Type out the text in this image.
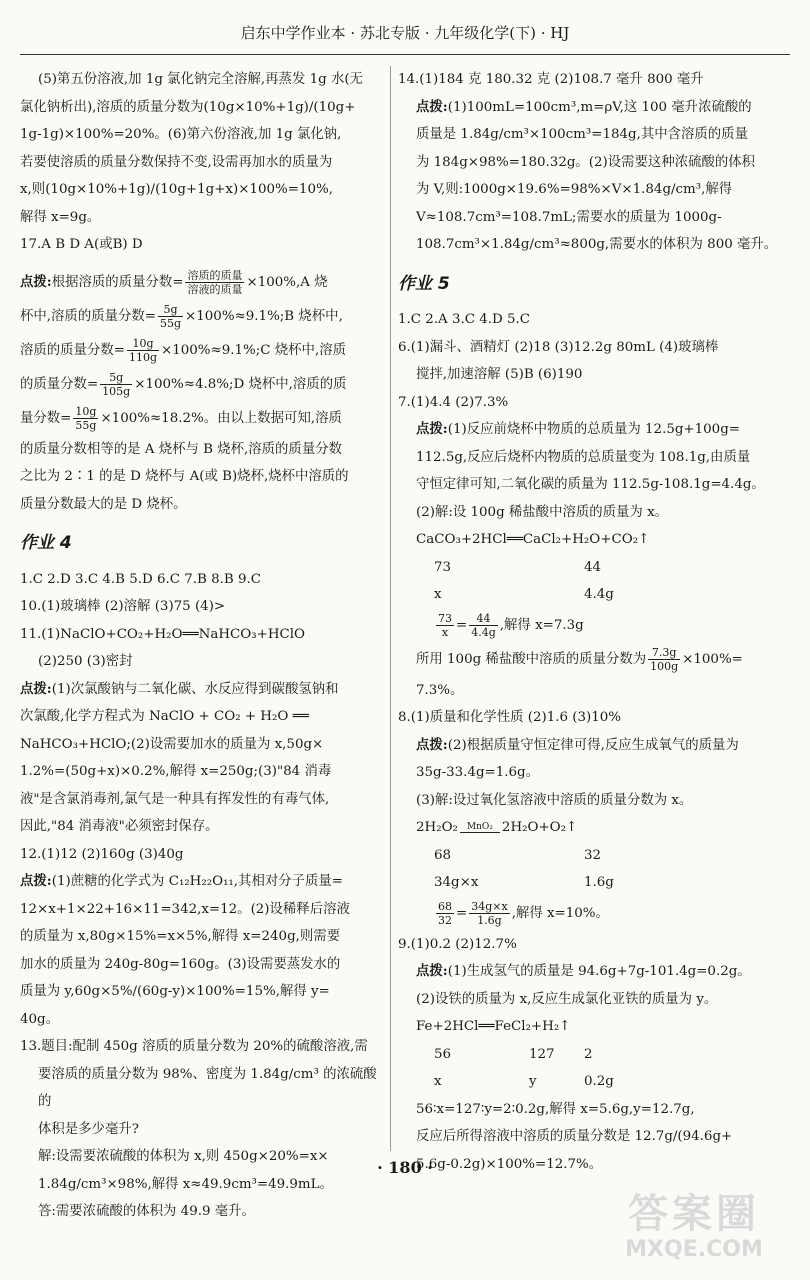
启东中学作业本 · 苏北专版 · 九年级化学(下) · HJ

(5)第五份溶液,加 1g 氯化钠完全溶解,再蒸发 1g 水(无

氯化钠析出),溶质的质量分数为(10g×10%+1g)/(10g+

1g-1g)×100%=20%。(6)第六份溶液,加 1g 氯化钠,

若要使溶质的质量分数保持不变,设需再加水的质量为

x,则(10g×10%+1g)/(10g+1g+x)×100%=10%,

解得 x=9g。

17.A B D A(或B) D

点拨:根据溶质的质量分数= $\frac{\text{溶质的质量}}{\text{溶液的质量}} \times 100\%,A$ 烧

杯中,溶质的质量分数= $\frac{5g}{55g}$ ×100%≈9.1%;B 烧杯中,

溶质的质量分数= $\frac{10g}{110g}$ ×100%≈9.1%;C 烧杯中,溶质

的质量分数= $\frac{5g}{105g}$ ×100%≈4.8%;D 烧杯中,溶质的质

量分数= $\frac{10g}{55g} \times 100\%\approx 18.2\%$。由以上数据可知,溶质

的质量分数相等的是 A 烧杯与 B 烧杯,溶质的质量分数

之比为 2∶1 的是 D 烧杯与 A(或 B)烧杯,烧杯中溶质的

质量分数最大的是 D 烧杯。

作业 4

1.C 2.D 3.C 4.B 5.D 6.C 7.B 8.B 9.C

10.(1)玻璃棒 (2)溶解 (3)75 (4)>

11.(1)NaClO+CO₂+H₂O══NaHCO₃+HClO

(2)250 (3)密封

点拨:(1)次氯酸钠与二氧化碳、水反应得到碳酸氢钠和

次氯酸,化学方程式为 NaClO + CO₂ + H₂O ══

NaHCO₃+HClO;(2)设需要加水的质量为 x,50g×

1.2%=(50g+x)×0.2%,解得 x=250g;(3)"84 消毒

液"是含氯消毒剂,氯气是一种具有挥发性的有毒气体,

因此,"84 消毒液"必须密封保存。

12.(1)12 (2)160g (3)40g

点拨:(1)蔗糖的化学式为 C₁₂H₂₂O₁₁,其相对分子质量=

12×x+1×22+16×11=342,x=12。(2)设稀释后溶液

的质量为 x,80g×15%=x×5%,解得 x=240g,则需要

加水的质量为 240g-80g=160g。(3)设需要蒸发水的

质量为 y,60g×5%/(60g-y)×100%=15%,解得 y=

40g。

13.题目:配制 450g 溶质的质量分数为 20%的硫酸溶液,需

要溶质的质量分数为 98%、密度为 1.84g/cm³ 的浓硫酸的

体积是多少毫升?

解:设需要浓硫酸的体积为 x,则 450g×20%=x×

1.84g/cm³×98%,解得 x≈49.9cm³=49.9mL。

答:需要浓硫酸的体积为 49.9 毫升。

14.(1)184 克 180.32 克 (2)108.7 毫升 800 毫升

点拨:(1)100mL=100cm³,m=ρV,这 100 毫升浓硫酸的

质量是 1.84g/cm³×100cm³=184g,其中含溶质的质量

为 184g×98%=180.32g。(2)设需要这种浓硫酸的体积

为 V,则:1000g×19.6%=98%×V×1.84g/cm³,解得

V≈108.7cm³=108.7mL;需要水的质量为 1000g-

108.7cm³×1.84g/cm³≈800g,需要水的体积为 800 毫升。

作业 5

1.C 2.A 3.C 4.D 5.C

6.(1)漏斗、酒精灯 (2)18 (3)12.2g 80mL (4)玻璃棒

搅拌,加速溶解 (5)B (6)190

7.(1)4.4 (2)7.3%

点拨:(1)反应前烧杯中物质的总质量为 12.5g+100g=

112.5g,反应后烧杯内物质的总质量变为 108.1g,由质量

守恒定律可知,二氧化碳的质量为 112.5g-108.1g=4.4g。

(2)解:设 100g 稀盐酸中溶质的质量为 x。

CaCO₃+2HCl══CaCl₂+H₂O+CO₂↑

73	44

x	4.4g

$\frac{73}{x} = \frac{44}{4.4g}$ ,解得 x=7.3g

所用 100g 稀盐酸中溶质的质量分数为 $\frac{7.3g}{100g} \times 100\%=$

7.3%。

8.(1)质量和化学性质 (2)1.6 (3)10%

点拨:(2)根据质量守恒定律可得,反应生成氧气的质量为

35g-33.4g=1.6g。

(3)解:设过氧化氢溶液中溶质的质量分数为 x。

2H₂O₂	MnO₂ 2H₂O+O₂↑

68	32

34g×x	1.6g

$\frac{68}{32} = \frac{34g\times x}{1.6g}$ ,解得 x=10%。

9.(1)0.2 (2)12.7%

点拨:(1)生成氢气的质量是 94.6g+7g-101.4g=0.2g。

(2)设铁的质量为 x,反应生成氯化亚铁的质量为 y。

Fe+2HCl══FeCl₂+H₂↑

56	127	2

x	y	0.2g

56∶x=127∶y=2∶0.2g,解得 x=5.6g,y=12.7g,

反应后所得溶液中溶质的质量分数是 12.7g/(94.6g+

5.6g-0.2g)×100%=12.7%。

· 180 ·
答案圈
MXQE.COM
